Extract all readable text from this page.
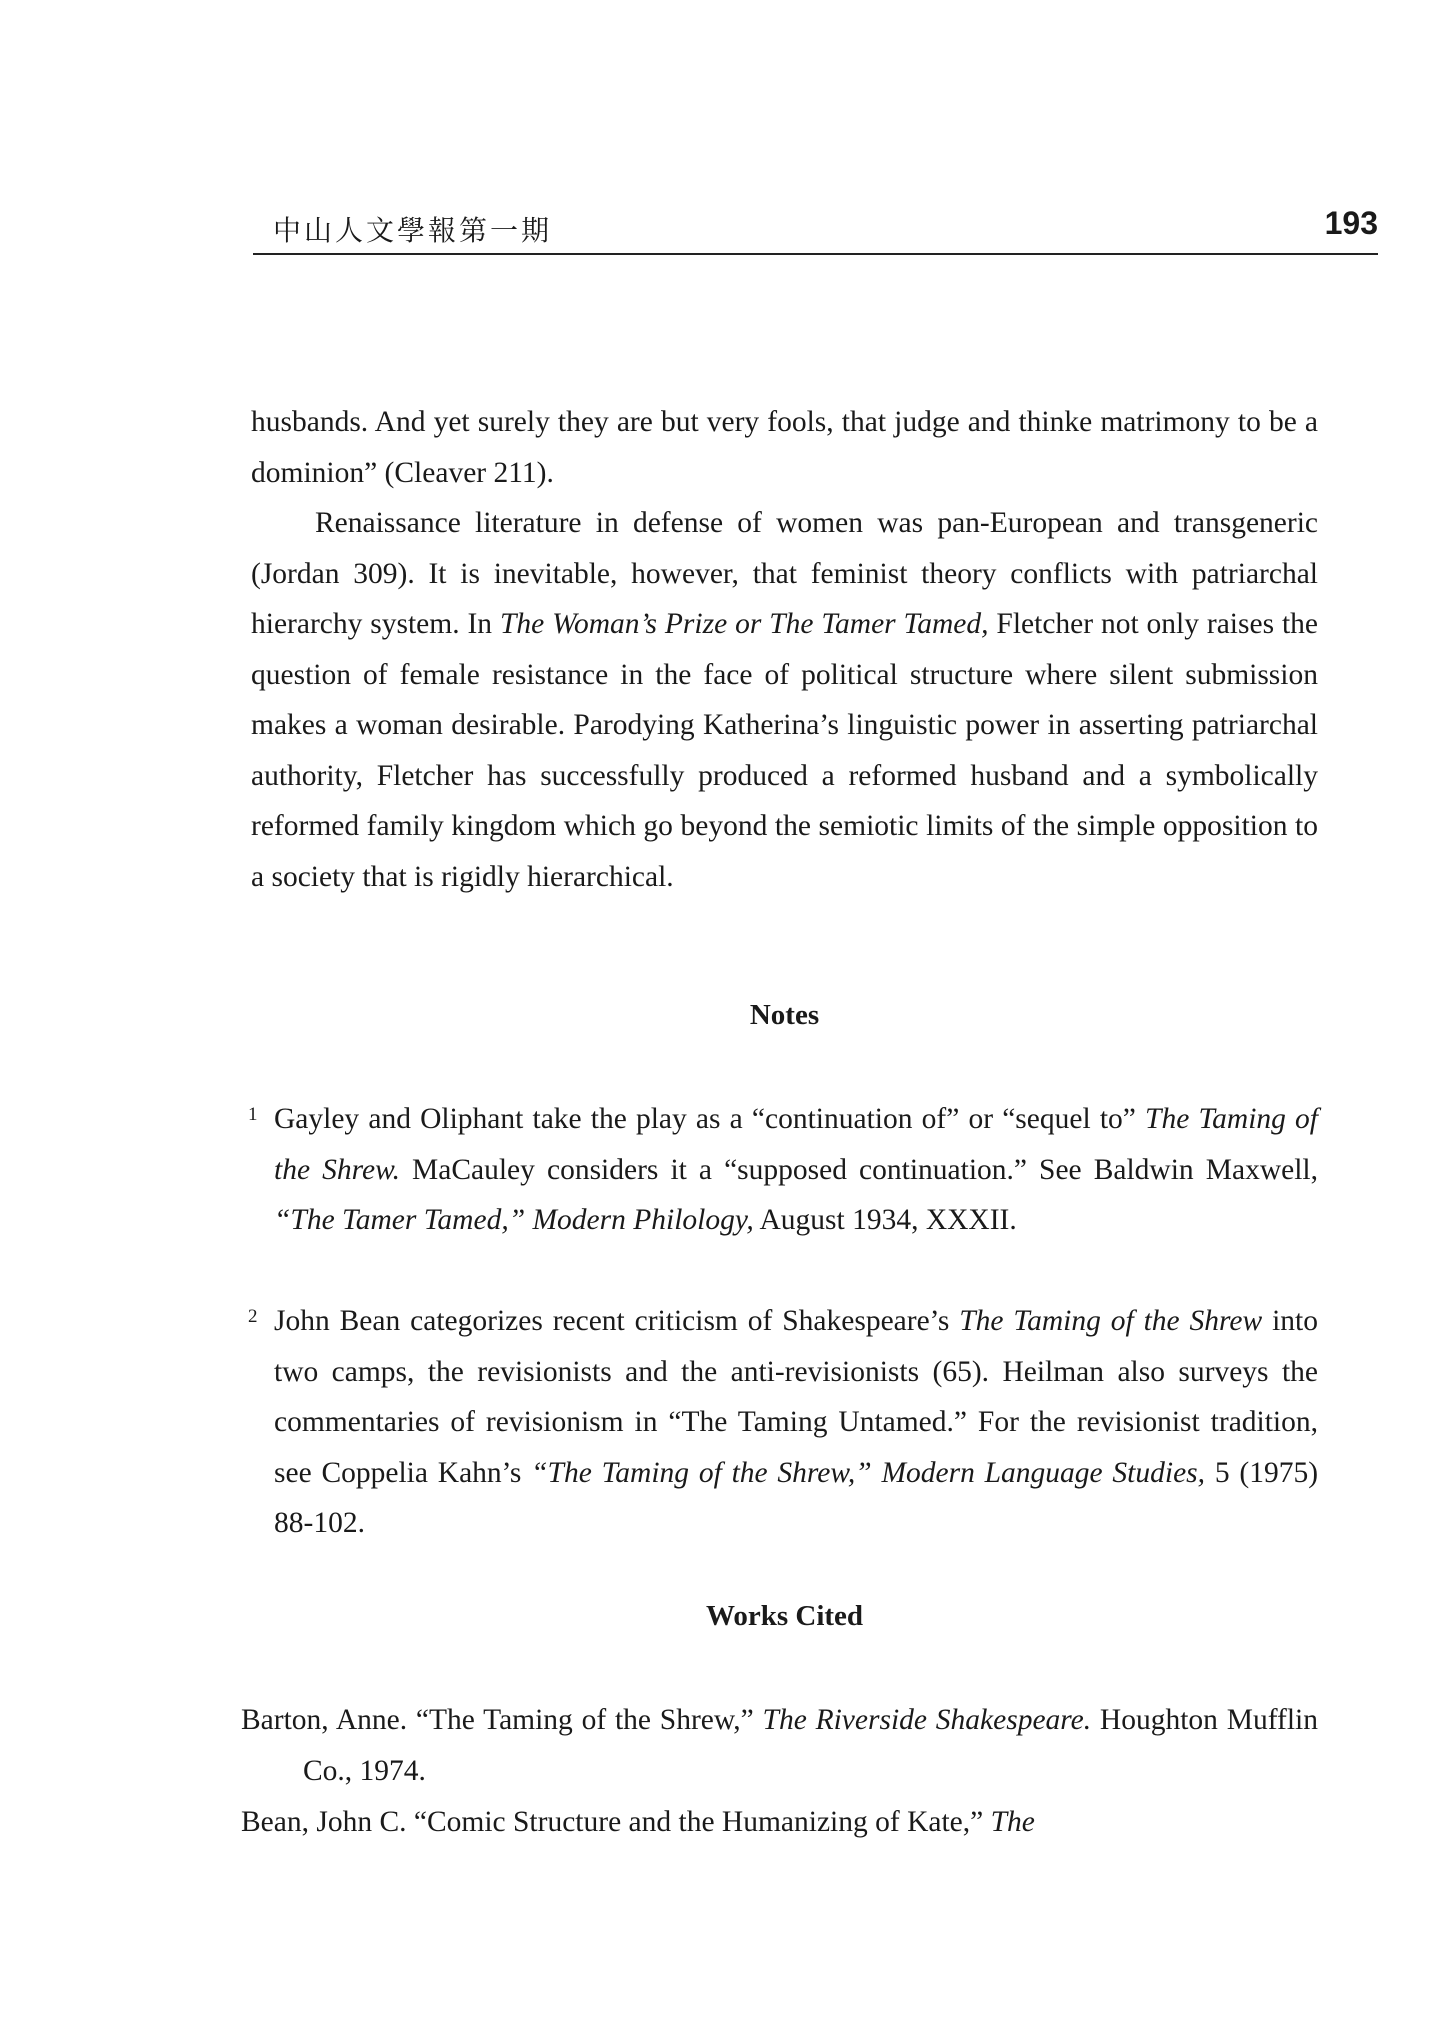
中山人文學報第一期	193

husbands. And yet surely they are but very fools, that judge and thinke matrimony to be a dominion” (Cleaver 211).

Renaissance literature in defense of women was pan-European and transgeneric (Jordan 309). It is inevitable, however, that feminist theory conflicts with patriarchal hierarchy system. In The Woman’s Prize or The Tamer Tamed, Fletcher not only raises the question of female resistance in the face of political structure where silent submission makes a woman desirable. Parodying Katherina’s linguistic power in asserting patriarchal authority, Fletcher has successfully produced a reformed husband and a symbolically reformed family kingdom which go beyond the semiotic limits of the simple opposition to a society that is rigidly hierarchical.

Notes
1 Gayley and Oliphant take the play as a “continuation of” or “sequel to” The Taming of the Shrew. MaCauley considers it a “supposed continuation.” See Baldwin Maxwell, “The Tamer Tamed,” Modern Philology, August 1934, XXXII.
2 John Bean categorizes recent criticism of Shakespeare’s The Taming of the Shrew into two camps, the revisionists and the anti-revisionists (65). Heilman also surveys the commentaries of revisionism in “The Taming Untamed.” For the revisionist tradition, see Coppelia Kahn’s “The Taming of the Shrew,” Modern Language Studies, 5 (1975) 88-102.
Works Cited
Barton, Anne. “The Taming of the Shrew,” The Riverside Shakespeare. Houghton Mufflin Co., 1974.
Bean, John C. “Comic Structure and the Humanizing of Kate,” The
